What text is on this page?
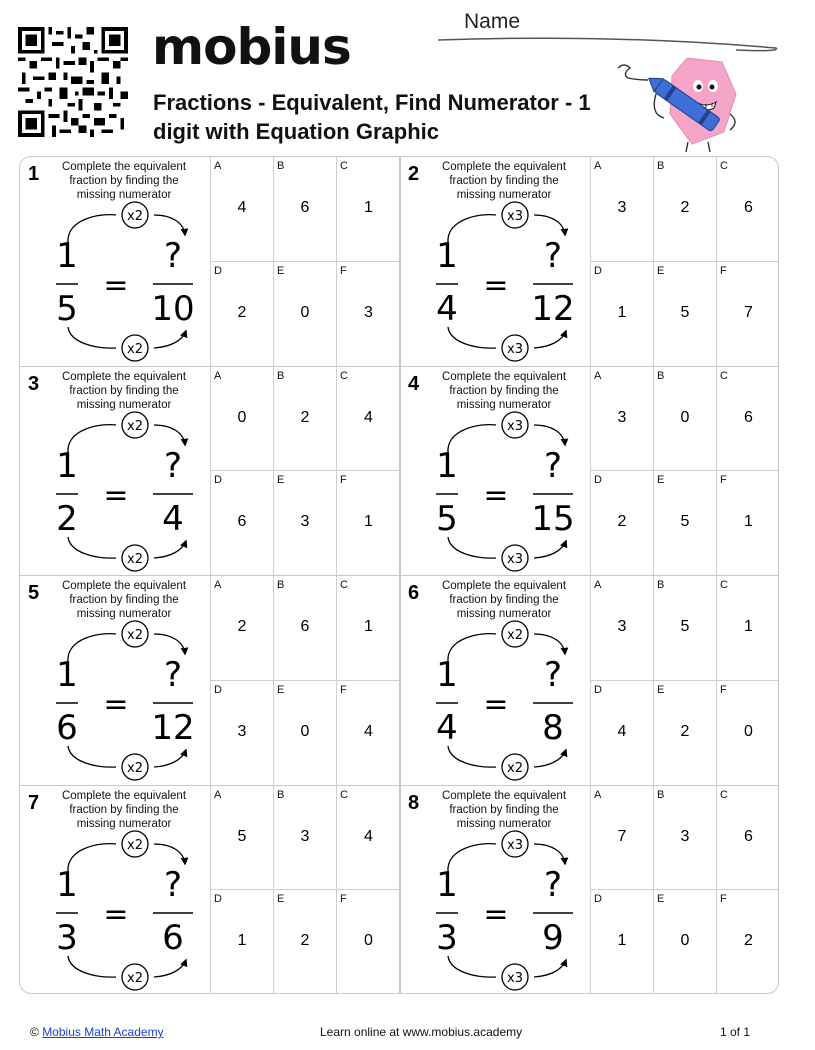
mobius
Fractions - Equivalent, Find Numerator - 1 digit with Equation Graphic
Name
8	Complete the equivalent fraction by finding the missing numerator
x3
x3
1
3
=
?
9
A
7
B
3
C
6
D
1
E
0
F
2
7	Complete the equivalent fraction by finding the missing numerator
x2
x2
1
3
=
?
6
A
5
B
3
C
4
D
1
E
2
F
0
6	Complete the equivalent fraction by finding the missing numerator
x2
x2
1
4
=
?
8
A
3
B
5
C
1
D
4
E
2
F
0
5	Complete the equivalent fraction by finding the missing numerator
x2
x2
1
6
=
?
12
A
2
B
6
C
1
D
3
E
0
F
4
4	Complete the equivalent fraction by finding the missing numerator
x3
x3
1
5
=
?
15
A
3
B
0
C
6
D
2
E
5
F
1
3	Complete the equivalent fraction by finding the missing numerator
x2
x2
1
2
=
?
4
A
0
B
2
C
4
D
6
E
3
F
1
2	Complete the equivalent fraction by finding the missing numerator
x3
x3
1
4
=
?
12
A
3
B
2
C
6
D
1
E
5
F
7
1	Complete the equivalent fraction by finding the missing numerator
x2
x2
1
5
=
?
10
A
4
B
6
C
1
D
2
E
0
F
3
© Mobius Math Academy	Learn online at www.mobius.academy	1 of 1
